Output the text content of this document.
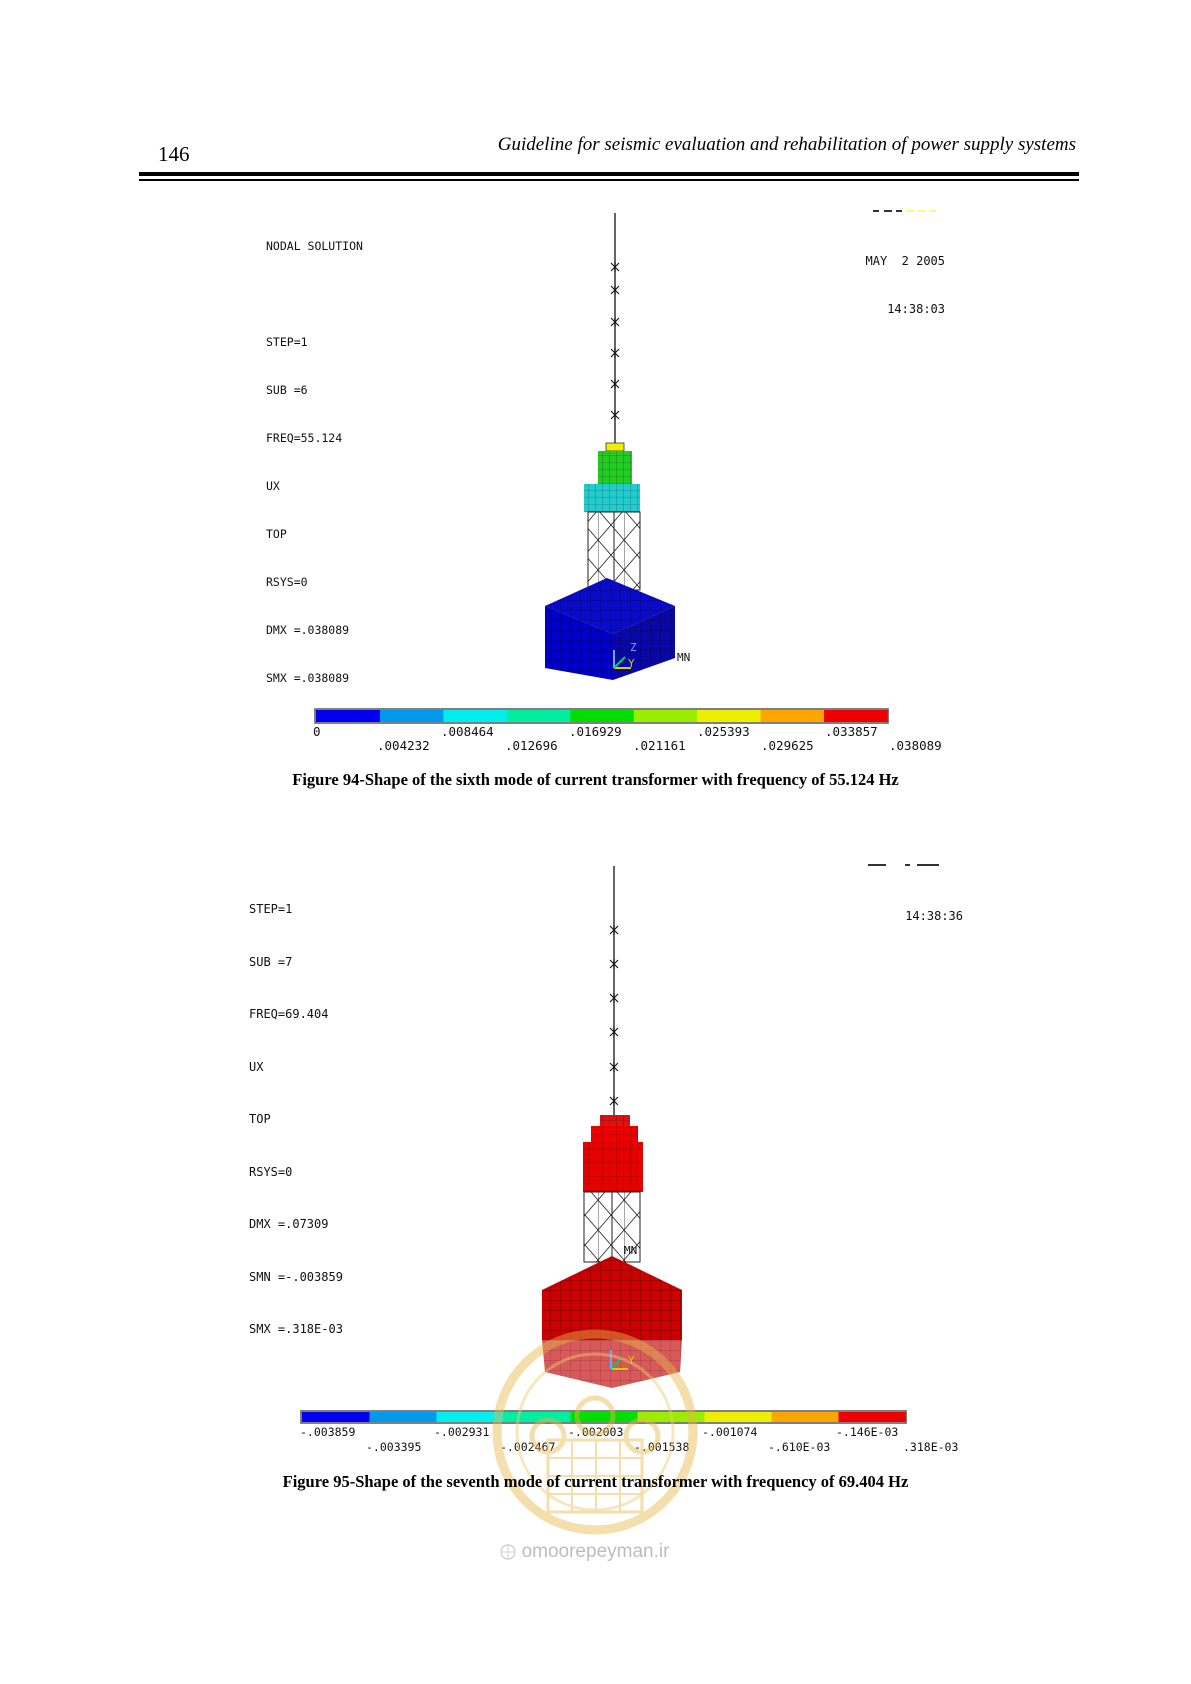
146	Guideline for seismic evaluation and rehabilitation of power supply systems
Z
Y	MN
0	.008464	.016929	.025393	.033857
.004232	.012696	.021161	.029625	.038089
MN
Y
-.003859	-.002931	-.002003	-.001074	-.146E-03
-.003395	-.002467	-.001538	-.610E-03	.318E-03

NODAL SOLUTION

STEP=1

SUB =6

FREQ=55.124

UX

TOP

RSYS=0

DMX =.038089

SMX =.038089

MAY  2 2005

14:38:03

STEP=1

SUB =7

FREQ=69.404

UX

TOP

RSYS=0

DMX =.07309

SMN =-.003859

SMX =.318E-03

14:38:36

Figure 94-Shape of the sixth mode of current transformer with frequency of 55.124 Hz
Figure 95-Shape of the seventh mode of current transformer with frequency of 69.404 Hz
omoorepeyman.ir
